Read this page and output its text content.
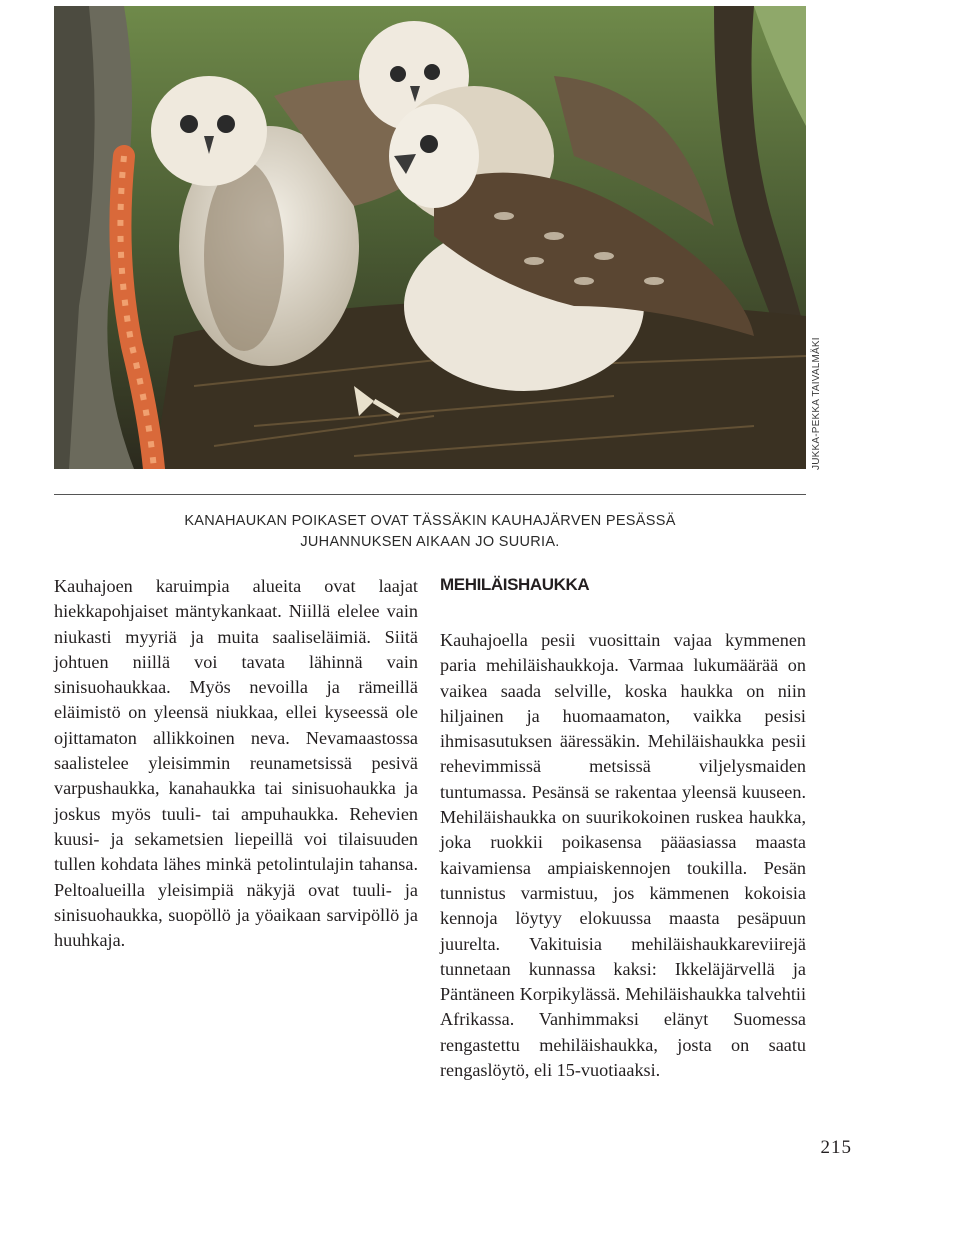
JUKKA-PEKKA TAIVALMÄKI
KANAHAUKAN POIKASET OVAT TÄSSÄKIN KAUHAJÄRVEN PESÄSSÄ
JUHANNUKSEN AIKAAN JO SUURIA.

Kauhajoen karuimpia alueita ovat laajat hiekkapohjaiset mäntykankaat. Niillä elelee vain niukasti myyriä ja muita saaliseläimiä. Siitä johtuen niillä voi tavata lähinnä vain sinisuohaukkaa. Myös nevoilla ja rämeillä eläimistö on yleensä niukkaa, ellei kyseessä ole ojittamaton allikkoinen neva. Nevamaastossa saalistelee yleisimmin reunametsissä pesivä varpushaukka, kanahaukka tai sinisuohaukka ja joskus myös tuuli- tai ampuhaukka. Rehevien kuusi- ja sekametsien liepeillä voi tilaisuuden tullen kohdata lähes minkä petolintulajin tahansa. Peltoalueilla yleisimpiä näkyjä ovat tuuli- ja sinisuohaukka, suopöllö ja yöaikaan sarvipöllö ja huuhkaja.

MEHILÄISHAUKKA

Kauhajoella pesii vuosittain vajaa kymmenen paria mehiläishaukkoja. Varmaa lukumäärää on vaikea saada selville, koska haukka on niin hiljainen ja huomaamaton, vaikka pesisi ihmisasutuksen ääressäkin. Mehiläishaukka pesii rehevimmissä metsissä viljelysmaiden tuntumassa. Pesänsä se rakentaa yleensä kuuseen. Mehiläishaukka on suurikokoinen ruskea haukka, joka ruokkii poikasensa pääasiassa maasta kaivamiensa ampiaiskennojen toukilla. Pesän tunnistus varmistuu, jos kämmenen kokoisia kennoja löytyy elokuussa maasta pesäpuun juurelta. Vakituisia mehiläishaukkareviirejä tunnetaan kunnassa kaksi: Ikkeläjärvellä ja Päntäneen Korpikylässä. Mehiläishaukka talvehtii Afrikassa. Vanhimmaksi elänyt Suomessa rengastettu mehiläishaukka, josta on saatu rengaslöytö, eli 15-vuotiaaksi.

215
